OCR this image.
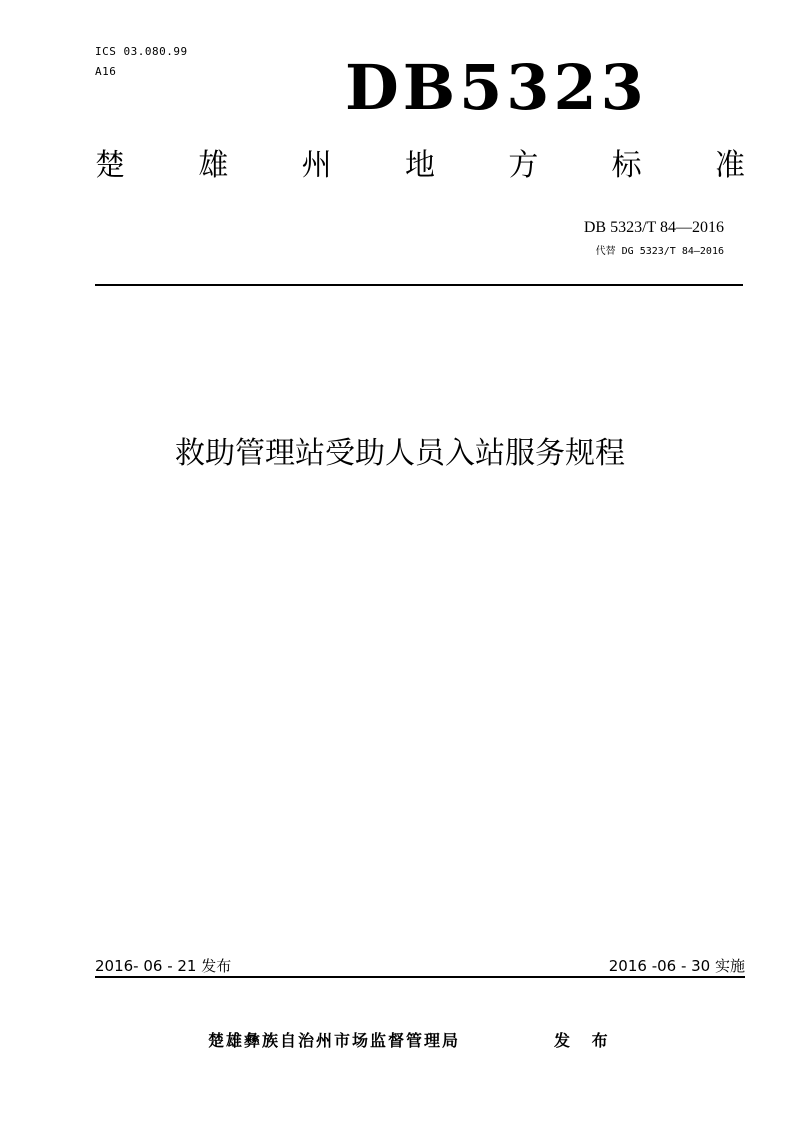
ICS 03.080.99
A16	DB5323
楚 雄 州 地 方 标 准
DB 5323/T 84—2016
代替 DG 5323/T 84—2016
救助管理站受助人员入站服务规程
2016- 06 - 21 发布	2016 -06 - 30 实施
楚雄彝族自治州市场监督管理局	发 布
